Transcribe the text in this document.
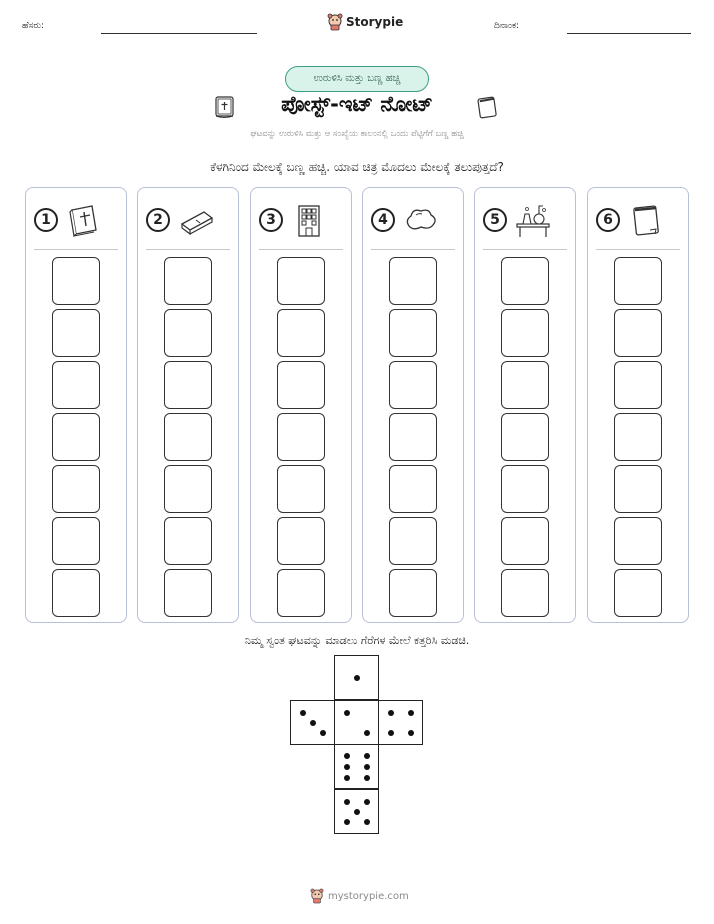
ಹೆಸರು:	Storypie	ದಿನಾಂಕ:
ಉರುಳಿಸಿ ಮತ್ತು ಬಣ್ಣ ಹಚ್ಚಿ
ಪೋಸ್ಟ್-ಇಟ್ ನೋಟ್
ಘಟವನ್ನು ಉರುಳಿಸಿ ಮತ್ತು ಆ ಸಂಖ್ಯೆಯ ಕಾಲಂನಲ್ಲಿ ಒಂದು ಪೆಟ್ಟಿಗೆಗೆ ಬಣ್ಣ ಹಚ್ಚಿ
ಕೆಳಗಿನಿಂದ ಮೇಲಕ್ಕೆ ಬಣ್ಣ ಹಚ್ಚಿ. ಯಾವ ಚಿತ್ರ ಮೊದಲು ಮೇಲಕ್ಕೆ ತಲುಪುತ್ತದೆ?
1	2	3	4	5	6
ನಿಮ್ಮ ಸ್ವಂತ ಘಟವನ್ನು ಮಾಡಲು ಗೆರೆಗಳ ಮೇಲೆ ಕತ್ತರಿಸಿ ಮಡಚಿ.
mystorypie.com
